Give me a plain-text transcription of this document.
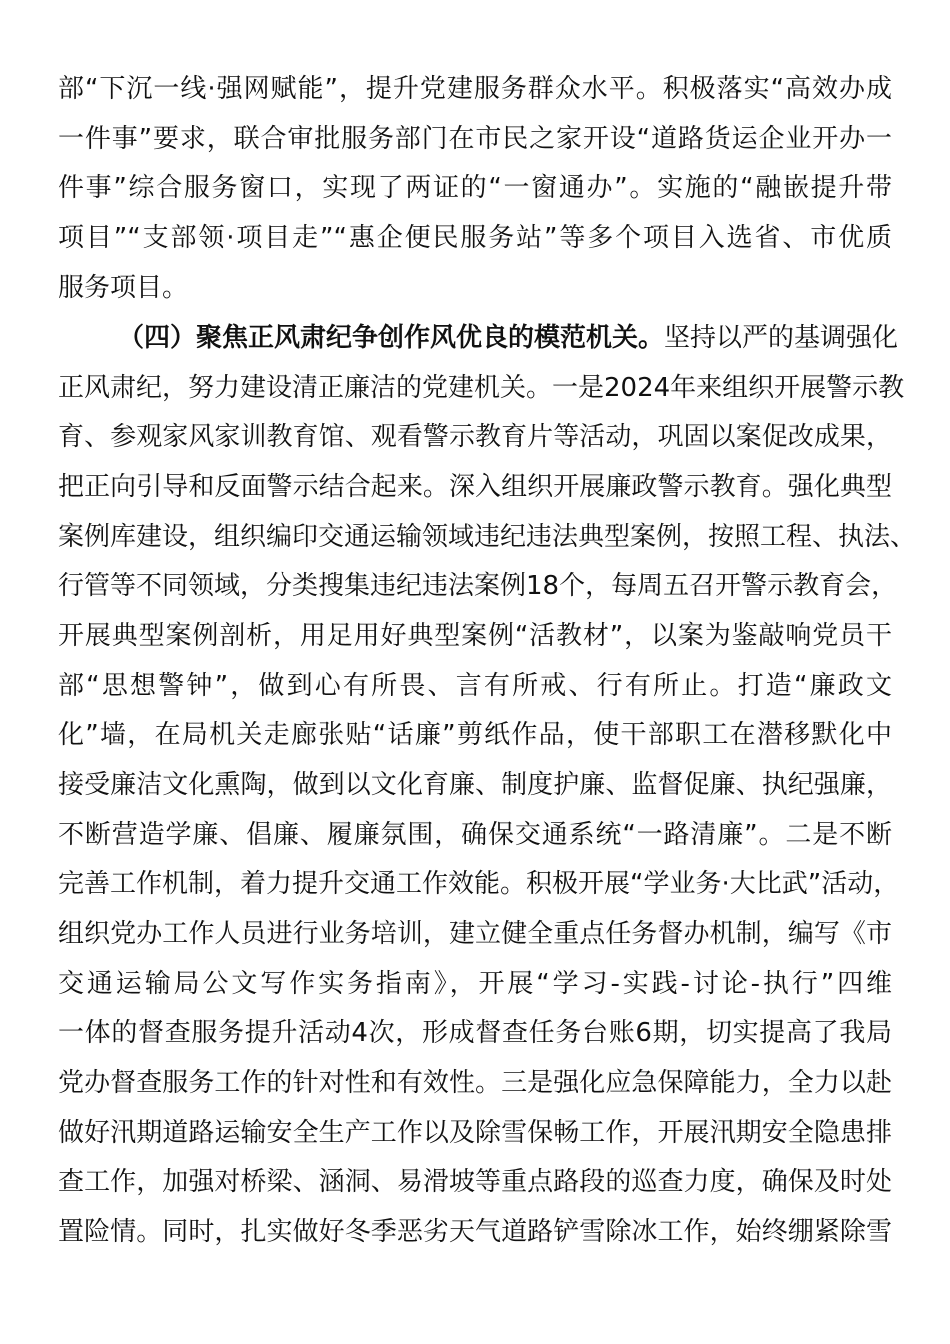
部“下沉一线·强网赋能”，提升党建服务群众水平。积极落实“高效办成
一件事”要求，联合审批服务部门在市民之家开设“道路货运企业开办一
件事”综合服务窗口，实现了两证的“一窗通办”。实施的“融嵌提升带
项目”“支部领·项目走”“惠企便民服务站”等多个项目入选省、市优质
服务项目。
（四）聚焦正风肃纪争创作风优良的模范机关。坚持以严的基调强化
正风肃纪，努力建设清正廉洁的党建机关。一是2024年来组织开展警示教
育、参观家风家训教育馆、观看警示教育片等活动，巩固以案促改成果，
把正向引导和反面警示结合起来。深入组织开展廉政警示教育。强化典型
案例库建设，组织编印交通运输领域违纪违法典型案例，按照工程、执法、
行管等不同领域，分类搜集违纪违法案例18个，每周五召开警示教育会，
开展典型案例剖析，用足用好典型案例“活教材”，以案为鉴敲响党员干
部“思想警钟”，做到心有所畏、言有所戒、行有所止。打造“廉政文
化”墙，在局机关走廊张贴“话廉”剪纸作品，使干部职工在潜移默化中
接受廉洁文化熏陶，做到以文化育廉、制度护廉、监督促廉、执纪强廉，
不断营造学廉、倡廉、履廉氛围，确保交通系统“一路清廉”。二是不断
完善工作机制，着力提升交通工作效能。积极开展“学业务·大比武”活动，
组织党办工作人员进行业务培训，建立健全重点任务督办机制，编写《市
交通运输局公文写作实务指南》，开展“学习-实践-讨论-执行”四维
一体的督查服务提升活动4次，形成督查任务台账6期，切实提高了我局
党办督查服务工作的针对性和有效性。三是强化应急保障能力，全力以赴
做好汛期道路运输安全生产工作以及除雪保畅工作，开展汛期安全隐患排
查工作，加强对桥梁、涵洞、易滑坡等重点路段的巡查力度，确保及时处
置险情。同时，扎实做好冬季恶劣天气道路铲雪除冰工作，始终绷紧除雪
